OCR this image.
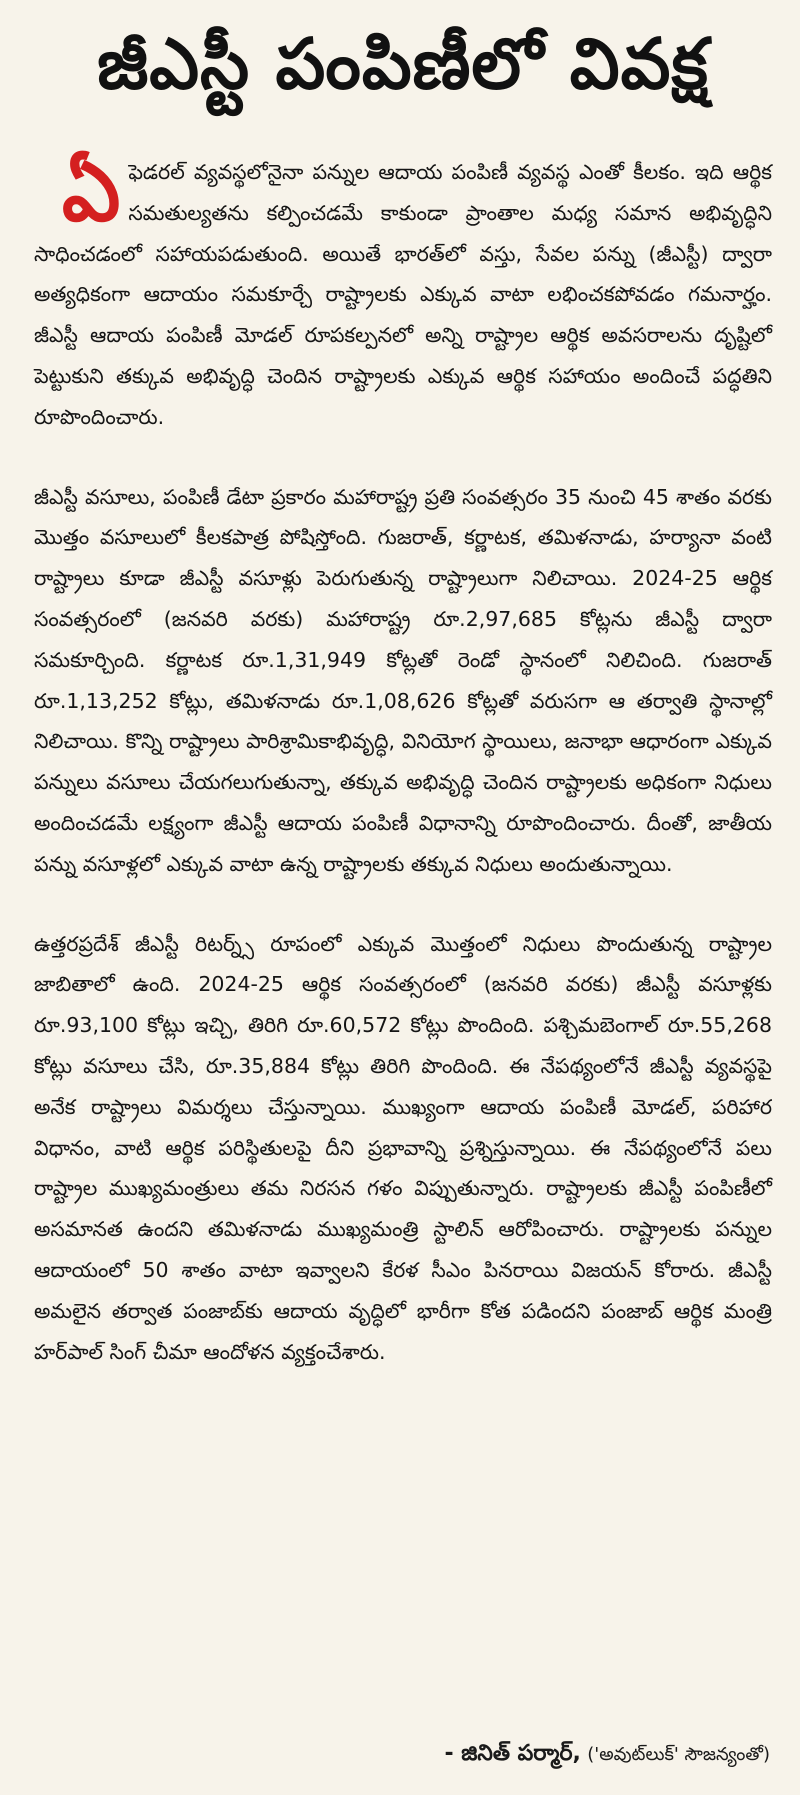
జీఎస్టీ పంపిణీలో వివక్ష

ఏ ఫెడరల్ వ్యవస్థలోనైనా పన్నుల ఆదాయ పంపిణీ వ్యవస్థ ఎంతో కీలకం. ఇది ఆర్థిక సమతుల్యతను కల్పించడమే కాకుండా ప్రాంతాల మధ్య సమాన అభివృద్ధిని సాధించడంలో సహాయపడుతుంది. అయితే భారత్‌లో వస్తు, సేవల పన్ను (జీఎస్టీ) ద్వారా అత్యధికంగా ఆదాయం సమకూర్చే రాష్ట్రాలకు ఎక్కువ వాటా లభించకపోవడం గమనార్హం. జీఎస్టీ ఆదాయ పంపిణీ మోడల్ రూపకల్పనలో అన్ని రాష్ట్రాల ఆర్థిక అవసరాలను దృష్టిలో పెట్టుకుని తక్కువ అభివృద్ధి చెందిన రాష్ట్రాలకు ఎక్కువ ఆర్థిక సహాయం అందించే పద్ధతిని రూపొందించారు.

జీఎస్టీ వసూలు, పంపిణీ డేటా ప్రకారం మహారాష్ట్ర ప్రతి సంవత్సరం 35 నుంచి 45 శాతం వరకు మొత్తం వసూలులో కీలకపాత్ర పోషిస్తోంది. గుజరాత్, కర్ణాటక, తమిళనాడు, హర్యానా వంటి రాష్ట్రాలు కూడా జీఎస్టీ వసూళ్లు పెరుగుతున్న రాష్ట్రాలుగా నిలిచాయి. 2024-25 ఆర్థిక సంవత్సరంలో (జనవరి వరకు) మహారాష్ట్ర రూ.2,97,685 కోట్లను జీఎస్టీ ద్వారా సమకూర్చింది. కర్ణాటక రూ.1,31,949 కోట్లతో రెండో స్థానంలో నిలిచింది. గుజరాత్ రూ.1,13,252 కోట్లు, తమిళనాడు రూ.1,08,626 కోట్లతో వరుసగా ఆ తర్వాతి స్థానాల్లో నిలిచాయి. కొన్ని రాష్ట్రాలు పారిశ్రామికాభివృద్ధి, వినియోగ స్థాయిలు, జనాభా ఆధారంగా ఎక్కువ పన్నులు వసూలు చేయగలుగుతున్నా, తక్కువ అభివృద్ధి చెందిన రాష్ట్రాలకు అధికంగా నిధులు అందించడమే లక్ష్యంగా జీఎస్టీ ఆదాయ పంపిణీ విధానాన్ని రూపొందించారు. దీంతో, జాతీయ పన్ను వసూళ్లలో ఎక్కువ వాటా ఉన్న రాష్ట్రాలకు తక్కువ నిధులు అందుతున్నాయి.

ఉత్తరప్రదేశ్ జీఎస్టీ రిటర్న్స్ రూపంలో ఎక్కువ మొత్తంలో నిధులు పొందుతున్న రాష్ట్రాల జాబితాలో ఉంది. 2024-25 ఆర్థిక సంవత్సరంలో (జనవరి వరకు) జీఎస్టీ వసూళ్లకు రూ.93,100 కోట్లు ఇచ్చి, తిరిగి రూ.60,572 కోట్లు పొందింది. పశ్చిమబెంగాల్ రూ.55,268 కోట్లు వసూలు చేసి, రూ.35,884 కోట్లు తిరిగి పొందింది. ఈ నేపథ్యంలోనే జీఎస్టీ వ్యవస్థపై అనేక రాష్ట్రాలు విమర్శలు చేస్తున్నాయి. ముఖ్యంగా ఆదాయ పంపిణీ మోడల్, పరిహార విధానం, వాటి ఆర్థిక పరిస్థితులపై దీని ప్రభావాన్ని ప్రశ్నిస్తున్నాయి. ఈ నేపథ్యంలోనే పలు రాష్ట్రాల ముఖ్యమంత్రులు తమ నిరసన గళం విప్పుతున్నారు. రాష్ట్రాలకు జీఎస్టీ పంపిణీలో అసమానత ఉందని తమిళనాడు ముఖ్యమంత్రి స్టాలిన్ ఆరోపించారు. రాష్ట్రాలకు పన్నుల ఆదాయంలో 50 శాతం వాటా ఇవ్వాలని కేరళ సీఎం పినరాయి విజయన్ కోరారు. జీఎస్టీ అమలైన తర్వాత పంజాబ్‌కు ఆదాయ వృద్ధిలో భారీగా కోత పడిందని పంజాబ్ ఆర్థిక మంత్రి హర్‌పాల్ సింగ్ చీమా ఆందోళన వ్యక్తంచేశారు.

- జినిత్ పర్మార్, ('అవుట్‌లుక్' సౌజన్యంతో)
